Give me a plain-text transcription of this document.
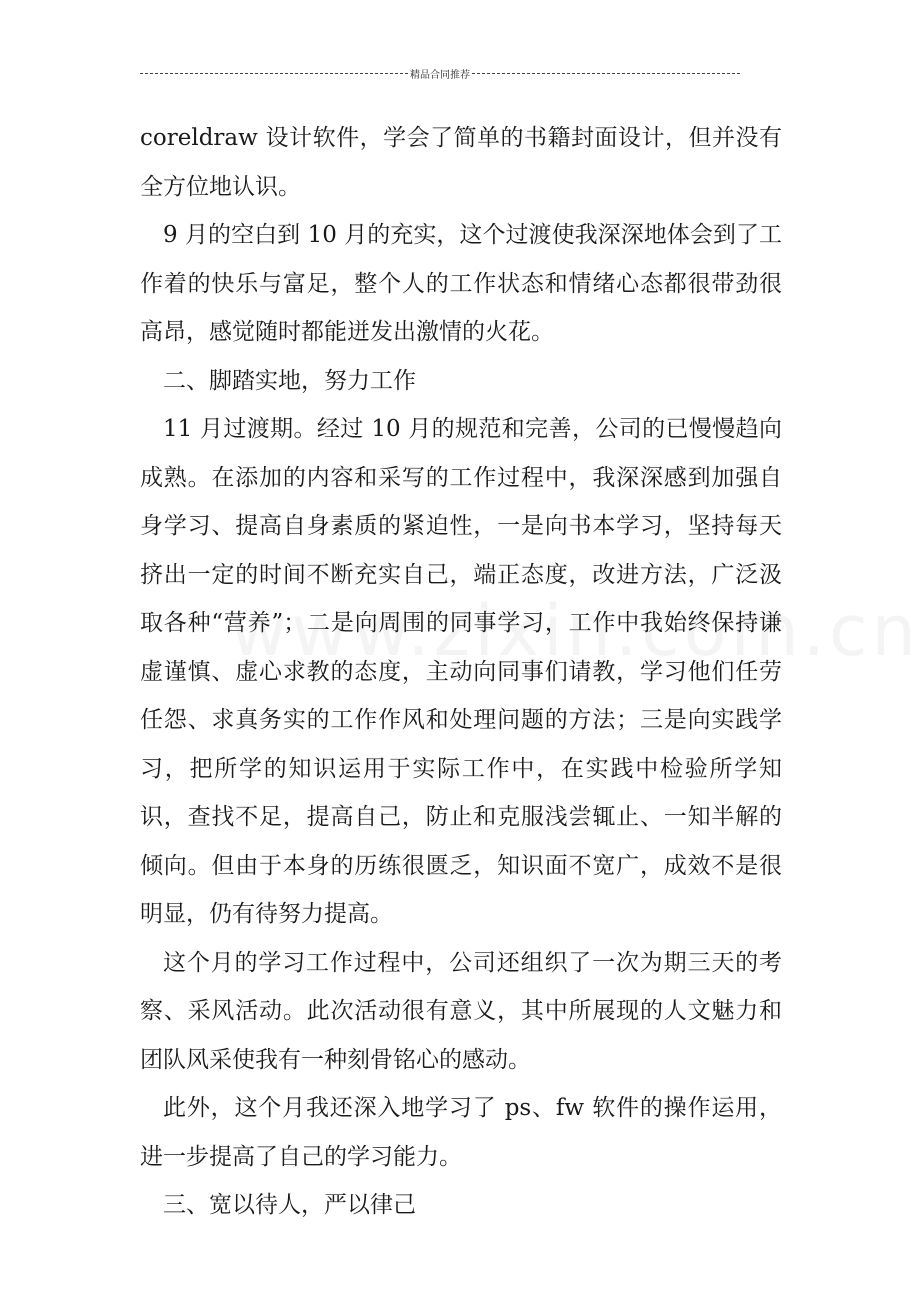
精品合同推荐

coreldraw 设计软件，学会了简单的书籍封面设计，但并没有全方位地认识。

9 月的空白到 10 月的充实，这个过渡使我深深地体会到了工作着的快乐与富足，整个人的工作状态和情绪心态都很带劲很高昂，感觉随时都能迸发出激情的火花。

二、脚踏实地，努力工作

11 月过渡期。经过 10 月的规范和完善，公司的已慢慢趋向成熟。在添加的内容和采写的工作过程中，我深深感到加强自身学习、提高自身素质的紧迫性，一是向书本学习，坚持每天挤出一定的时间不断充实自己，端正态度，改进方法，广泛汲取各种“营养”；二是向周围的同事学习，工作中我始终保持谦虚谨慎、虚心求教的态度，主动向同事们请教，学习他们任劳任怨、求真务实的工作作风和处理问题的方法；三是向实践学习，把所学的知识运用于实际工作中，在实践中检验所学知识，查找不足，提高自己，防止和克服浅尝辄止、一知半解的倾向。但由于本身的历练很匮乏，知识面不宽广，成效不是很明显，仍有待努力提高。

这个月的学习工作过程中，公司还组织了一次为期三天的考察、采风活动。此次活动很有意义，其中所展现的人文魅力和团队风采使我有一种刻骨铭心的感动。

此外，这个月我还深入地学习了 ps、fw 软件的操作运用，进一步提高了自己的学习能力。

三、宽以待人，严以律己
